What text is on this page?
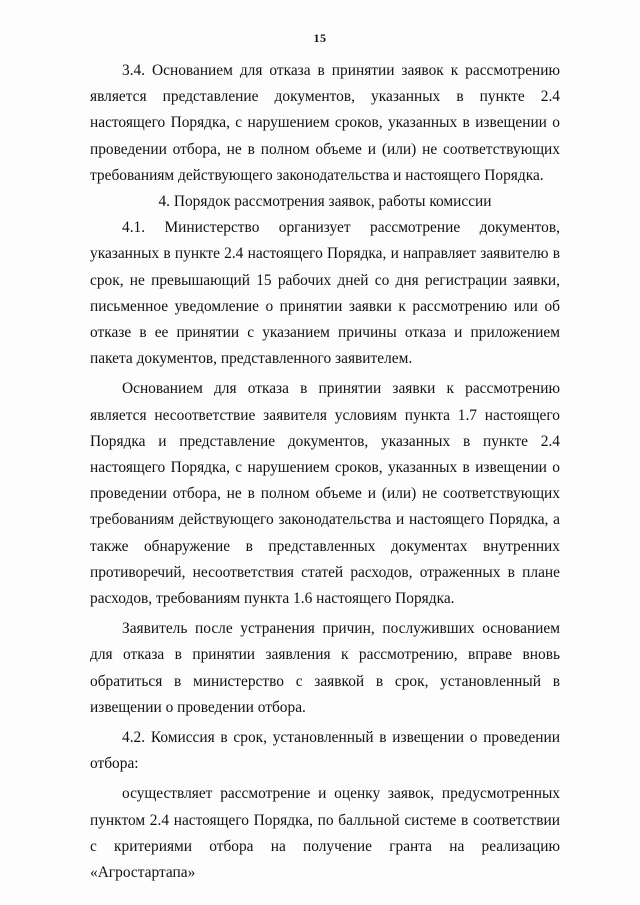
15

3.4. Основанием для отказа в принятии заявок к рассмотрению является представление документов, указанных в пункте 2.4 настоящего Порядка, с нарушением сроков, указанных в извещении о проведении отбора, не в полном объеме и (или) не соответствующих требованиям действующего законодательства и настоящего Порядка.

4. Порядок рассмотрения заявок, работы комиссии

4.1. Министерство организует рассмотрение документов, указанных в пункте 2.4 настоящего Порядка, и направляет заявителю в срок, не превышающий 15 рабочих дней со дня регистрации заявки, письменное уведомление о принятии заявки к рассмотрению или об отказе в ее принятии с указанием причины отказа и приложением пакета документов, представленного заявителем.

Основанием для отказа в принятии заявки к рассмотрению является несоответствие заявителя условиям пункта 1.7 настоящего Порядка и представление документов, указанных в пункте 2.4 настоящего Порядка, с нарушением сроков, указанных в извещении о проведении отбора, не в полном объеме и (или) не соответствующих требованиям действующего законодательства и настоящего Порядка, а также обнаружение в представленных документах внутренних противоречий, несоответствия статей расходов, отраженных в плане расходов, требованиям пункта 1.6 настоящего Порядка.

Заявитель после устранения причин, послуживших основанием для отказа в принятии заявления к рассмотрению, вправе вновь обратиться в министерство с заявкой в срок, установленный в извещении о проведении отбора.

4.2. Комиссия в срок, установленный в извещении о проведении отбора:

осуществляет рассмотрение и оценку заявок, предусмотренных пунктом 2.4 настоящего Порядка, по балльной системе в соответствии с критериями отбора на получение гранта на реализацию «Агростартапа»
